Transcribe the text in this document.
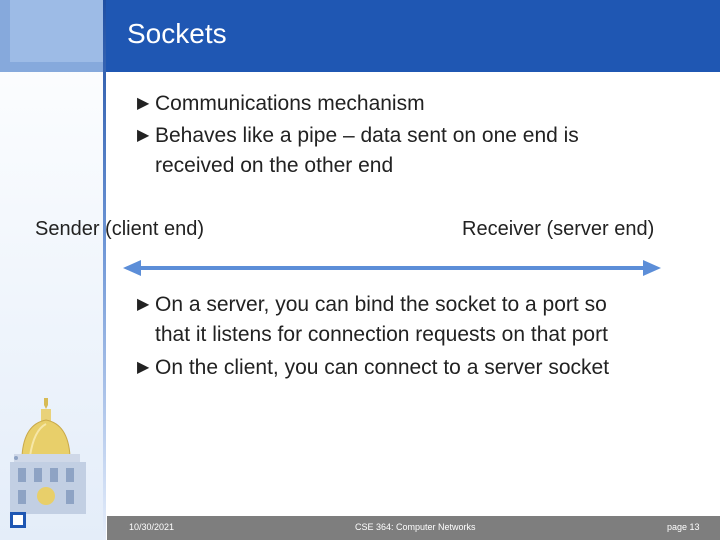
Sockets
▶ Communications mechanism
▶ Behaves like a pipe – data sent on one end is
received on the other end
Sender (client end)	Receiver (server end)
▶ On a server, you can bind the socket to a port so
that it listens for connection requests on that port
▶ On the client, you can connect to a server socket
10/30/2021	CSE 364: Computer Networks	page 13
